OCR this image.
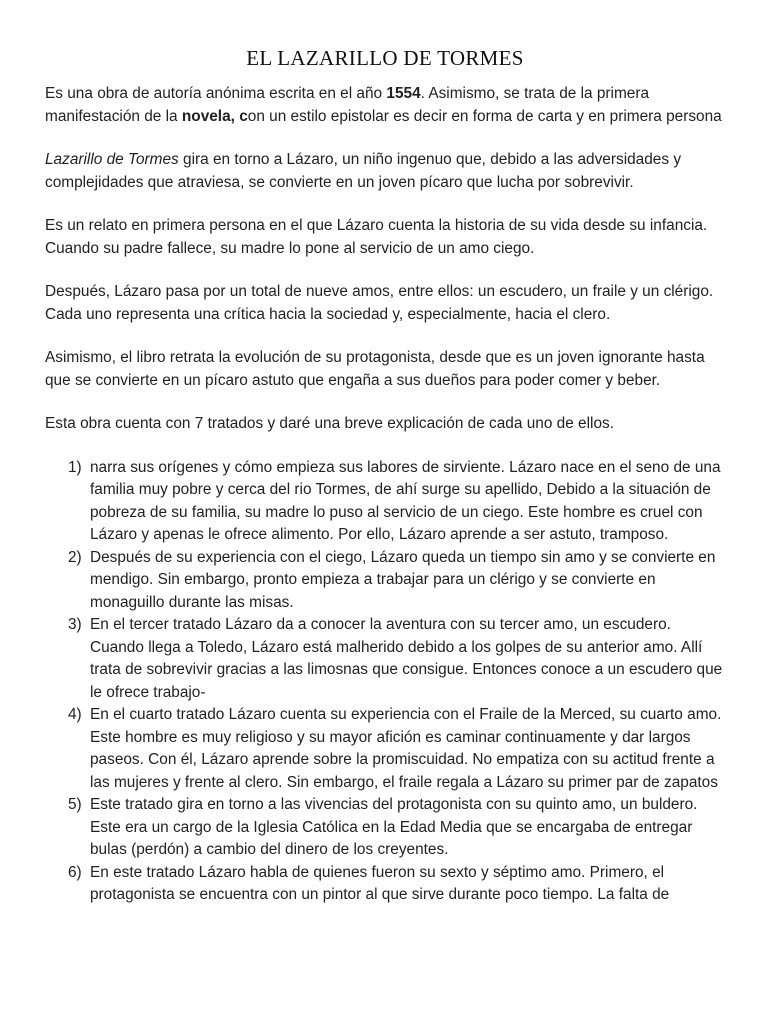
EL LAZARILLO DE TORMES

Es una obra de autoría anónima escrita en el año 1554. Asimismo, se trata de la primera manifestación de la novela, con un estilo epistolar es decir en forma de carta y en primera persona

Lazarillo de Tormes gira en torno a Lázaro, un niño ingenuo que, debido a las adversidades y complejidades que atraviesa, se convierte en un joven pícaro que lucha por sobrevivir.

Es un relato en primera persona en el que Lázaro cuenta la historia de su vida desde su infancia. Cuando su padre fallece, su madre lo pone al servicio de un amo ciego.

Después, Lázaro pasa por un total de nueve amos, entre ellos: un escudero, un fraile y un clérigo. Cada uno representa una crítica hacia la sociedad y, especialmente, hacia el clero.

Asimismo, el libro retrata la evolución de su protagonista, desde que es un joven ignorante hasta que se convierte en un pícaro astuto que engaña a sus dueños para poder comer y beber.

Esta obra cuenta con 7 tratados y daré una breve explicación de cada uno de ellos.

1) narra sus orígenes y cómo empieza sus labores de sirviente. Lázaro nace en el seno de una familia muy pobre y cerca del rio Tormes, de ahí surge su apellido, Debido a la situación de pobreza de su familia, su madre lo puso al servicio de un ciego. Este hombre es cruel con Lázaro y apenas le ofrece alimento. Por ello, Lázaro aprende a ser astuto, tramposo.
2) Después de su experiencia con el ciego, Lázaro queda un tiempo sin amo y se convierte en mendigo. Sin embargo, pronto empieza a trabajar para un clérigo y se convierte en monaguillo durante las misas.
3) En el tercer tratado Lázaro da a conocer la aventura con su tercer amo, un escudero. Cuando llega a Toledo, Lázaro está malherido debido a los golpes de su anterior amo. Allí trata de sobrevivir gracias a las limosnas que consigue. Entonces conoce a un escudero que le ofrece trabajo-
4) En el cuarto tratado Lázaro cuenta su experiencia con el Fraile de la Merced, su cuarto amo. Este hombre es muy religioso y su mayor afición es caminar continuamente y dar largos paseos. Con él, Lázaro aprende sobre la promiscuidad. No empatiza con su actitud frente a las mujeres y frente al clero. Sin embargo, el fraile regala a Lázaro su primer par de zapatos
5) Este tratado gira en torno a las vivencias del protagonista con su quinto amo, un buldero. Este era un cargo de la Iglesia Católica en la Edad Media que se encargaba de entregar bulas (perdón) a cambio del dinero de los creyentes.
6) En este tratado Lázaro habla de quienes fueron su sexto y séptimo amo. Primero, el protagonista se encuentra con un pintor al que sirve durante poco tiempo. La falta de
